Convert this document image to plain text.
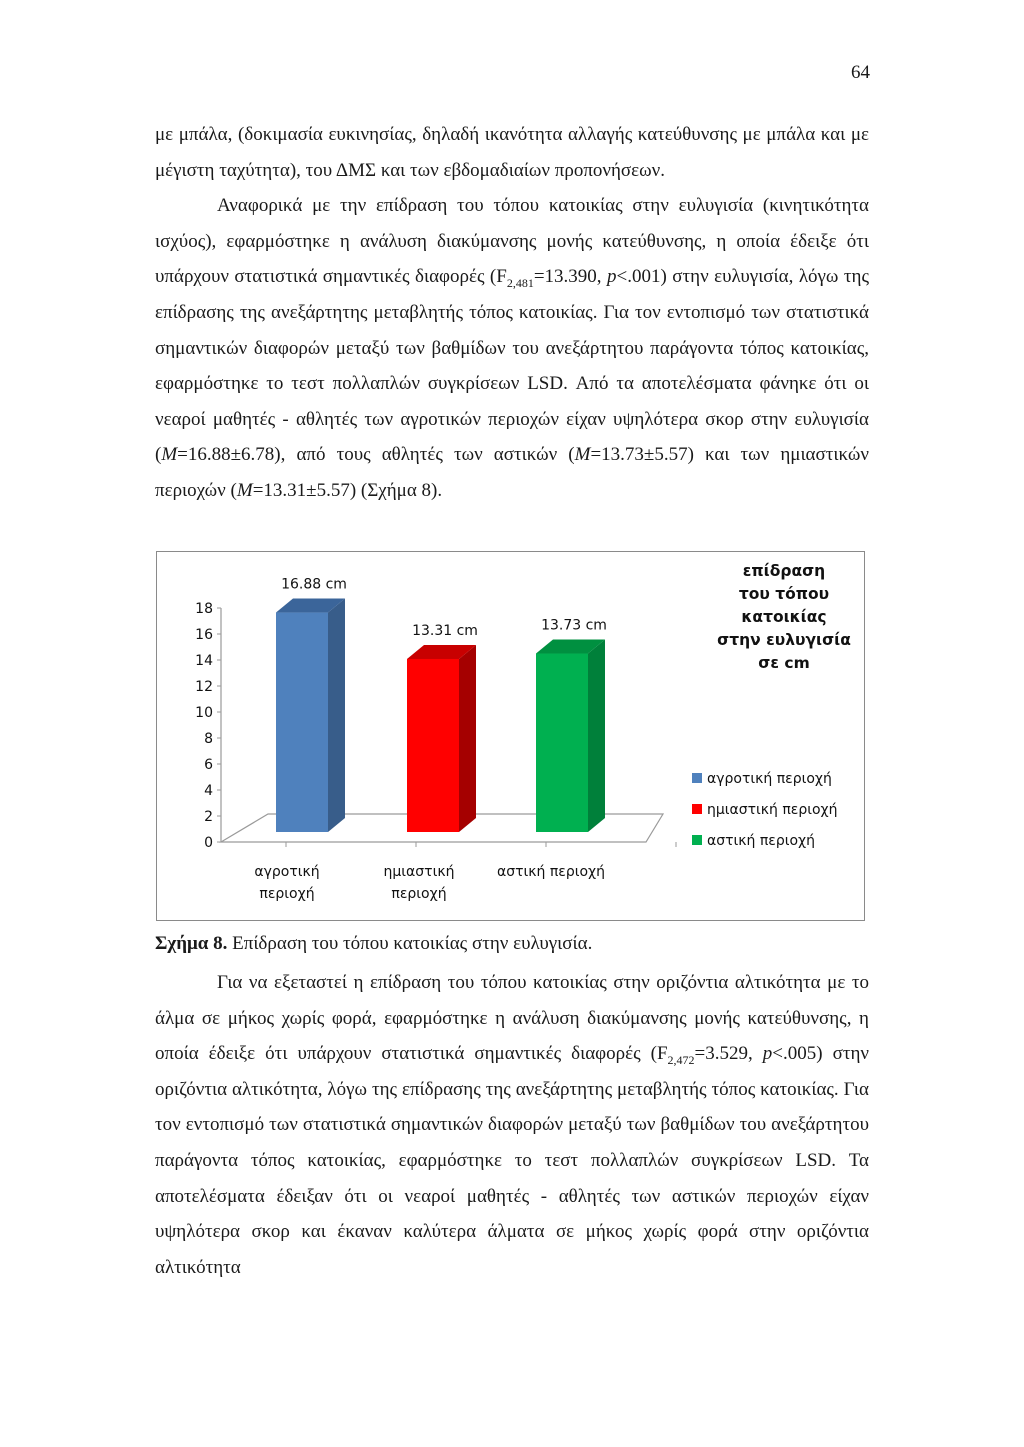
64

με μπάλα, (δοκιμασία ευκινησίας, δηλαδή ικανότητα αλλαγής κατεύθυνσης με μπάλα και με μέγιστη ταχύτητα), του ΔΜΣ και των εβδομαδιαίων προπονήσεων.

Αναφορικά με την επίδραση του τόπου κατοικίας στην ευλυγισία (κινητικότητα ισχύος), εφαρμόστηκε η ανάλυση διακύμανσης μονής κατεύθυνσης, η οποία έδειξε ότι υπάρχουν στατιστικά σημαντικές διαφορές ($F_{2,481}=13.390$, p<.001) στην ευλυγισία, λόγω της επίδρασης της ανεξάρτητης μεταβλητής τόπος κατοικίας. Για τον εντοπισμό των στατιστικά σημαντικών διαφορών μεταξύ των βαθμίδων του ανεξάρτητου παράγοντα τόπος κατοικίας, εφαρμόστηκε το τεστ πολλαπλών συγκρίσεων LSD. Από τα αποτελέσματα φάνηκε ότι οι νεαροί μαθητές - αθλητές των αγροτικών περιοχών είχαν υψηλότερα σκορ στην ευλυγισία (M=16.88±6.78), από τους αθλητές των αστικών (M=13.73±5.57) και των ημιαστικών περιοχών (M=13.31±5.57) (Σχήμα 8).

0
2
4
6
8
10
12
14
16
18
16.88 cm
αγροτική
περιοχή
13.31 cm
ημιαστική
περιοχή
13.73 cm
αστική περιοχή
αγροτική περιοχή
ημιαστική περιοχή
αστική περιοχή
επίδραση
του τόπου
κατοικίας
στην ευλυγισία
σε cm
Σχήμα 8. Επίδραση του τόπου κατοικίας στην ευλυγισία.

Για να εξεταστεί η επίδραση του τόπου κατοικίας στην οριζόντια αλτικότητα με το άλμα σε μήκος χωρίς φορά, εφαρμόστηκε η ανάλυση διακύμανσης μονής κατεύθυνσης, η οποία έδειξε ότι υπάρχουν στατιστικά σημαντικές διαφορές ($F_{2,472}=3.529$, p<.005) στην οριζόντια αλτικότητα, λόγω της επίδρασης της ανεξάρτητης μεταβλητής τόπος κατοικίας. Για τον εντοπισμό των στατιστικά σημαντικών διαφορών μεταξύ των βαθμίδων του ανεξάρτητου παράγοντα τόπος κατοικίας, εφαρμόστηκε το τεστ πολλαπλών συγκρίσεων LSD. Τα αποτελέσματα έδειξαν ότι οι νεαροί μαθητές - αθλητές των αστικών περιοχών είχαν υψηλότερα σκορ και έκαναν καλύτερα άλματα σε μήκος χωρίς φορά στην οριζόντια αλτικότητα
